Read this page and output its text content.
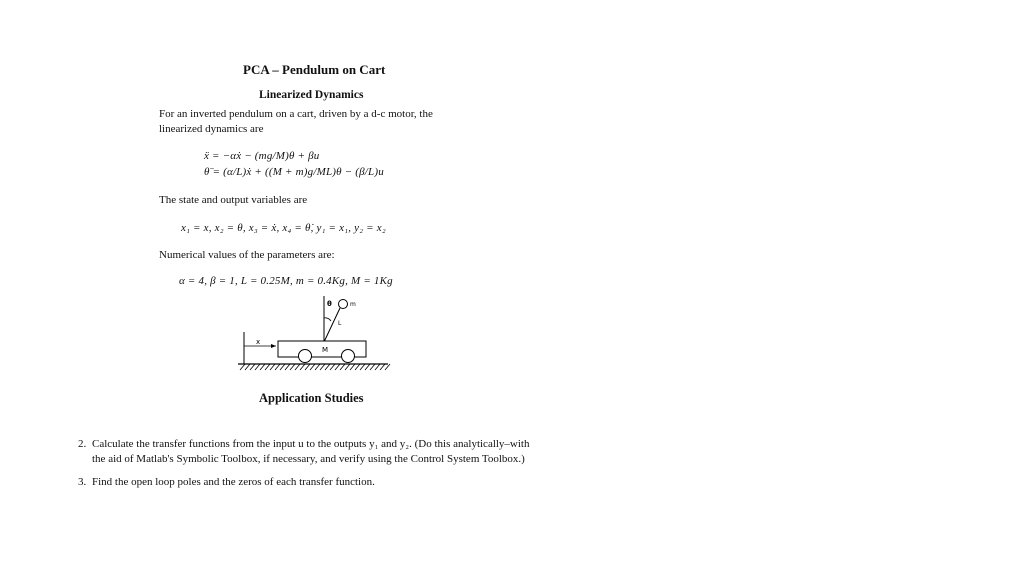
PCA – Pendulum on Cart
Linearized Dynamics
For an inverted pendulum on a cart, driven by a d-c motor, the
linearized dynamics are
ẍ = −αẋ − (mg/M)θ + βu
θ̈ = (α/L)ẋ + ((M + m)g/ML)θ − (β/L)u
The state and output variables are
x₁ = x, x₂ = θ, x₃ = ẋ, x₄ = θ̇, y₁ = x₁, y₂ = x₂
Numerical values of the parameters are:
α = 4, β = 1, L = 0.25M, m = 0.4Kg, M = 1Kg
θ	m
L
M
x
Application Studies
2. Calculate the transfer functions from the input u to the outputs y₁ and y₂. (Do this analytically–with
the aid of Matlab's Symbolic Toolbox, if necessary, and verify using the Control System Toolbox.)
3. Find the open loop poles and the zeros of each transfer function.
